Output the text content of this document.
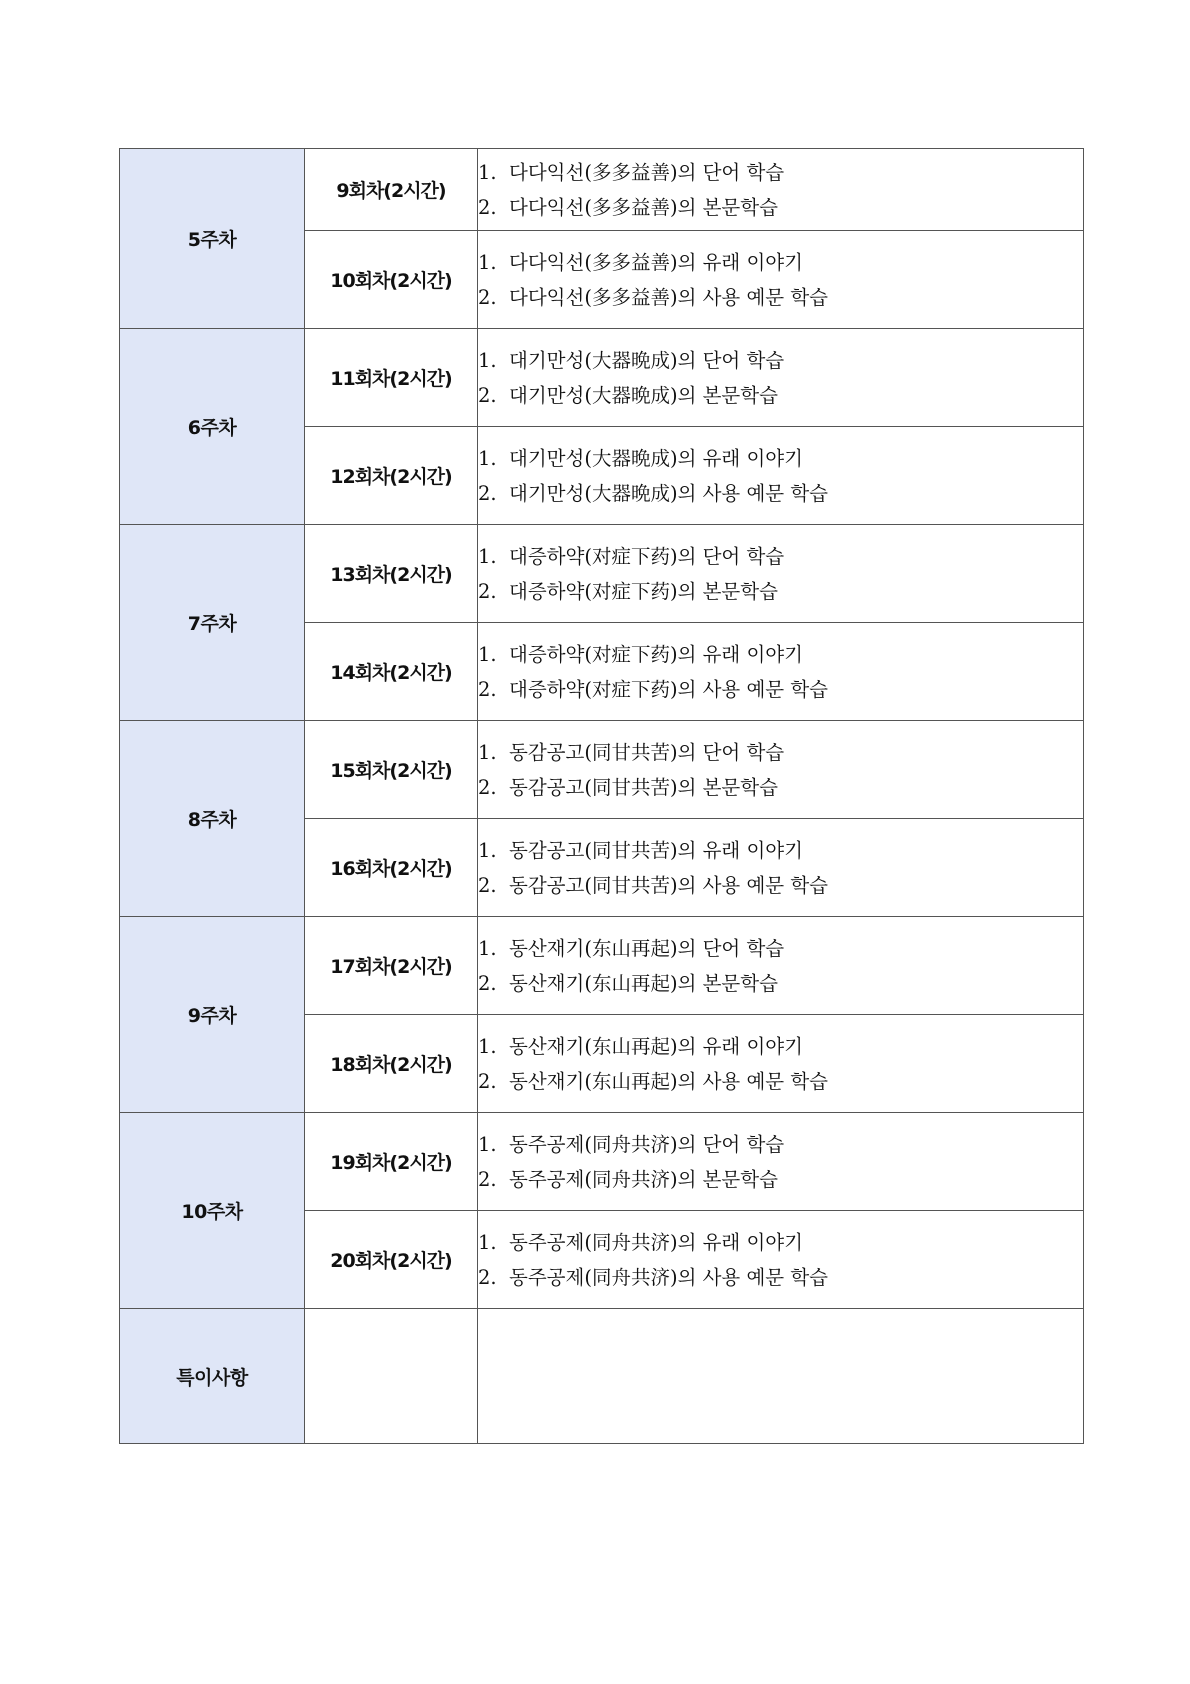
5주차	9회차(2시간)	1. 다다익선(多多益善)의 단어 학습
2. 다다익선(多多益善)의 본문학습

	10회차(2시간)	1. 다다익선(多多益善)의 유래 이야기
2. 다다익선(多多益善)의 사용 예문 학습

6주차	11회차(2시간)	1. 대기만성(大器晩成)의 단어 학습
2. 대기만성(大器晩成)의 본문학습

	12회차(2시간)	1. 대기만성(大器晩成)의 유래 이야기
2. 대기만성(大器晩成)의 사용 예문 학습

7주차	13회차(2시간)	1. 대증하약(对症下药)의 단어 학습
2. 대증하약(对症下药)의 본문학습

	14회차(2시간)	1. 대증하약(对症下药)의 유래 이야기
2. 대증하약(对症下药)의 사용 예문 학습

8주차	15회차(2시간)	1. 동감공고(同甘共苦)의 단어 학습
2. 동감공고(同甘共苦)의 본문학습

	16회차(2시간)	1. 동감공고(同甘共苦)의 유래 이야기
2. 동감공고(同甘共苦)의 사용 예문 학습

9주차	17회차(2시간)	1. 동산재기(东山再起)의 단어 학습
2. 동산재기(东山再起)의 본문학습

	18회차(2시간)	1. 동산재기(东山再起)의 유래 이야기
2. 동산재기(东山再起)의 사용 예문 학습

10주차	19회차(2시간)	1. 동주공제(同舟共济)의 단어 학습
2. 동주공제(同舟共济)의 본문학습

	20회차(2시간)	1. 동주공제(同舟共济)의 유래 이야기
2. 동주공제(同舟共济)의 사용 예문 학습

특이사항		
